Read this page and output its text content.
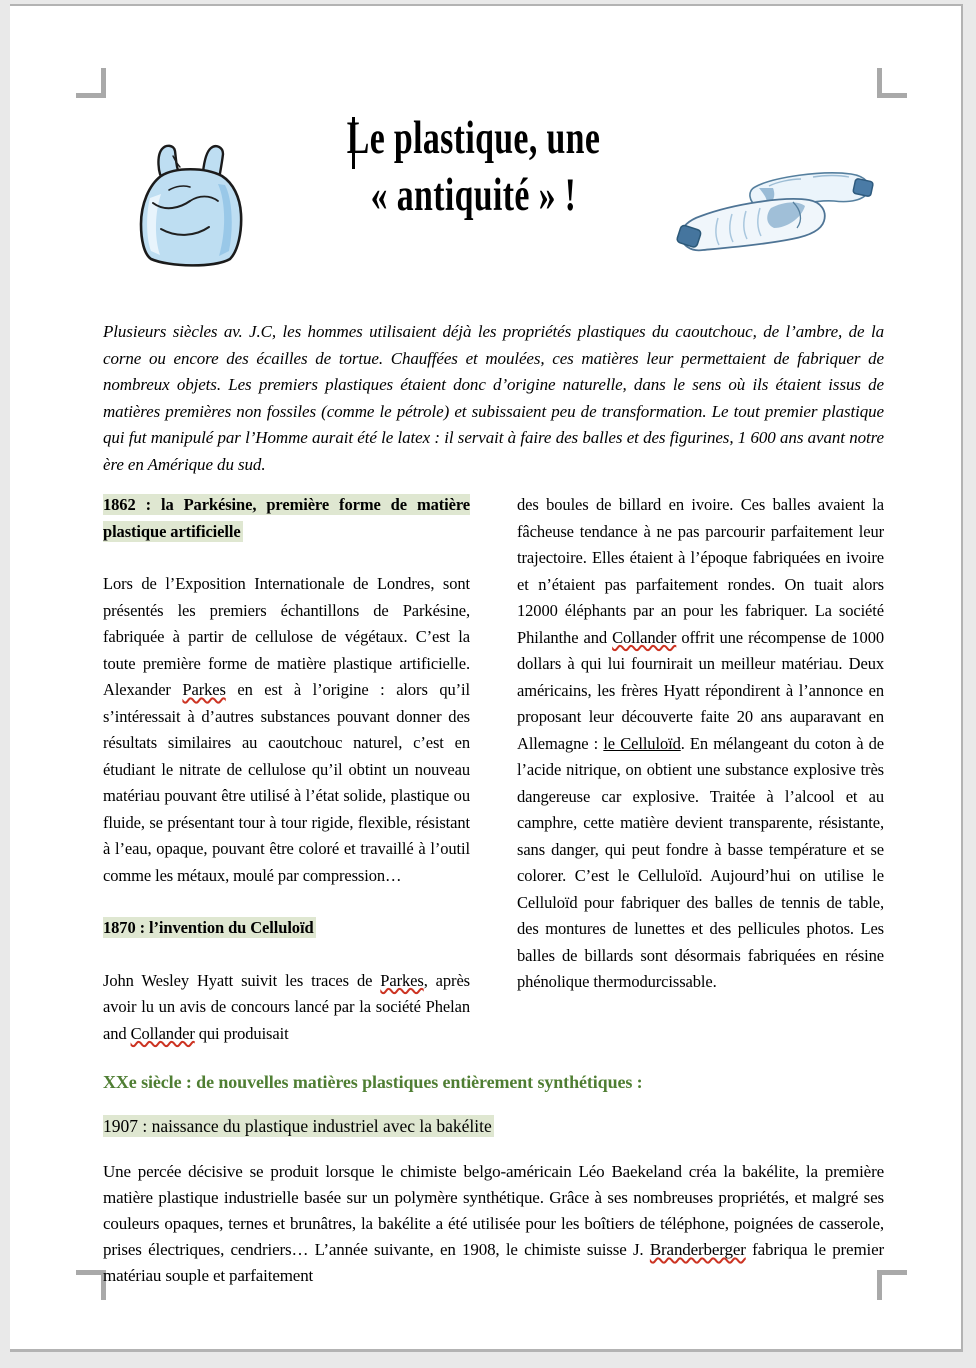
Le plastique, une
« antiquité » !

Plusieurs siècles av. J.C, les hommes utilisaient déjà les propriétés plastiques du caoutchouc, de l’ambre, de la corne ou encore des écailles de tortue. Chauffées et moulées, ces matières leur permettaient de fabriquer de nombreux objets. Les premiers plastiques étaient donc d’origine naturelle, dans le sens où ils étaient issus de matières premières non fossiles (comme le pétrole) et subissaient peu de transformation. Le tout premier plastique qui fut manipulé par l’Homme aurait été le latex : il servait à faire des balles et des figurines, 1 600 ans avant notre ère en Amérique du sud.

1862 : la Parkésine, première forme de matière plastique artificielle

Lors de l’Exposition Internationale de Londres, sont présentés les premiers échantillons de Parkésine, fabriquée à partir de cellulose de végétaux. C’est la toute première forme de matière plastique artificielle. Alexander Parkes en est à l’origine : alors qu’il s’intéressait à d’autres substances pouvant donner des résultats similaires au caoutchouc naturel, c’est en étudiant le nitrate de cellulose qu’il obtint un nouveau matériau pouvant être utilisé à l’état solide, plastique ou fluide, se présentant tour à tour rigide, flexible, résistant à l’eau, opaque, pouvant être coloré et travaillé à l’outil comme les métaux, moulé par compression…

1870 : l’invention du Celluloïd

John Wesley Hyatt suivit les traces de Parkes, après avoir lu un avis de concours lancé par la société Phelan and Collander qui produisait

des boules de billard en ivoire. Ces balles avaient la fâcheuse tendance à ne pas parcourir parfaitement leur trajectoire. Elles étaient à l’époque fabriquées en ivoire et n’étaient pas parfaitement rondes. On tuait alors 12000 éléphants par an pour les fabriquer. La société Philanthe and Collander offrit une récompense de 1000 dollars à qui lui fournirait un meilleur matériau. Deux américains, les frères Hyatt répondirent à l’annonce en proposant leur découverte faite 20 ans auparavant en Allemagne : le Celluloïd. En mélangeant du coton à de l’acide nitrique, on obtient une substance explosive très dangereuse car explosive. Traitée à l’alcool et au camphre, cette matière devient transparente, résistante, sans danger, qui peut fondre à basse température et se colorer. C’est le Celluloïd. Aujourd’hui on utilise le Celluloïd pour fabriquer des balles de tennis de table, des montures de lunettes et des pellicules photos. Les balles de billards sont désormais fabriquées en résine phénolique thermodurcissable.

XXe siècle : de nouvelles matières plastiques entièrement synthétiques :

1907 : naissance du plastique industriel avec la bakélite

Une percée décisive se produit lorsque le chimiste belgo-américain Léo Baekeland créa la bakélite, la première matière plastique industrielle basée sur un polymère synthétique. Grâce à ses nombreuses propriétés, et malgré ses couleurs opaques, ternes et brunâtres, la bakélite a été utilisée pour les boîtiers de téléphone, poignées de casserole, prises électriques, cendriers… L’année suivante, en 1908, le chimiste suisse J. Branderberger fabriqua le premier matériau souple et parfaitement
